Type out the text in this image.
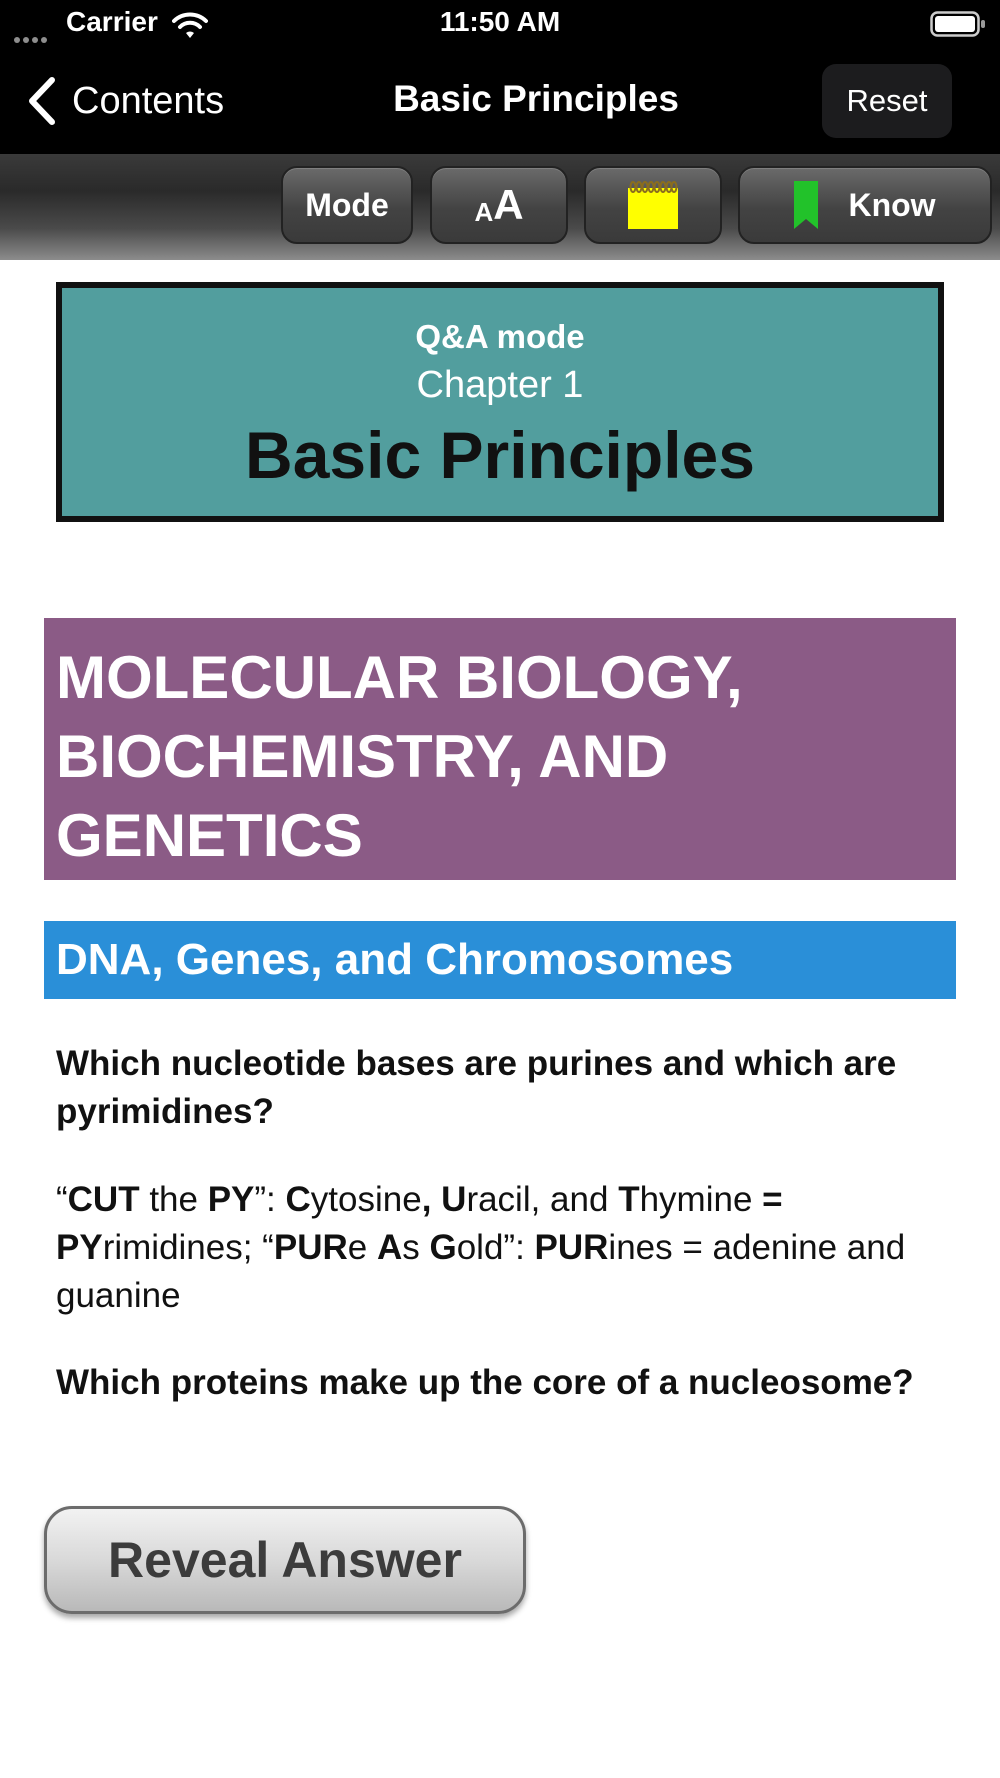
Carrier	11:50 AM
Contents	Basic Principles	Reset
Mode	A A	Know
Q&A mode
Chapter 1
Basic Principles
MOLECULAR BIOLOGY, BIOCHEMISTRY, AND GENETICS
DNA, Genes, and Chromosomes
Which nucleotide bases are purines and which are pyrimidines?
“CUT the PY”: Cytosine, Uracil, and Thymine = PYrimidines; “PURe As Gold”: PURines = adenine and guanine
Which proteins make up the core of a nucleosome?
Reveal Answer
